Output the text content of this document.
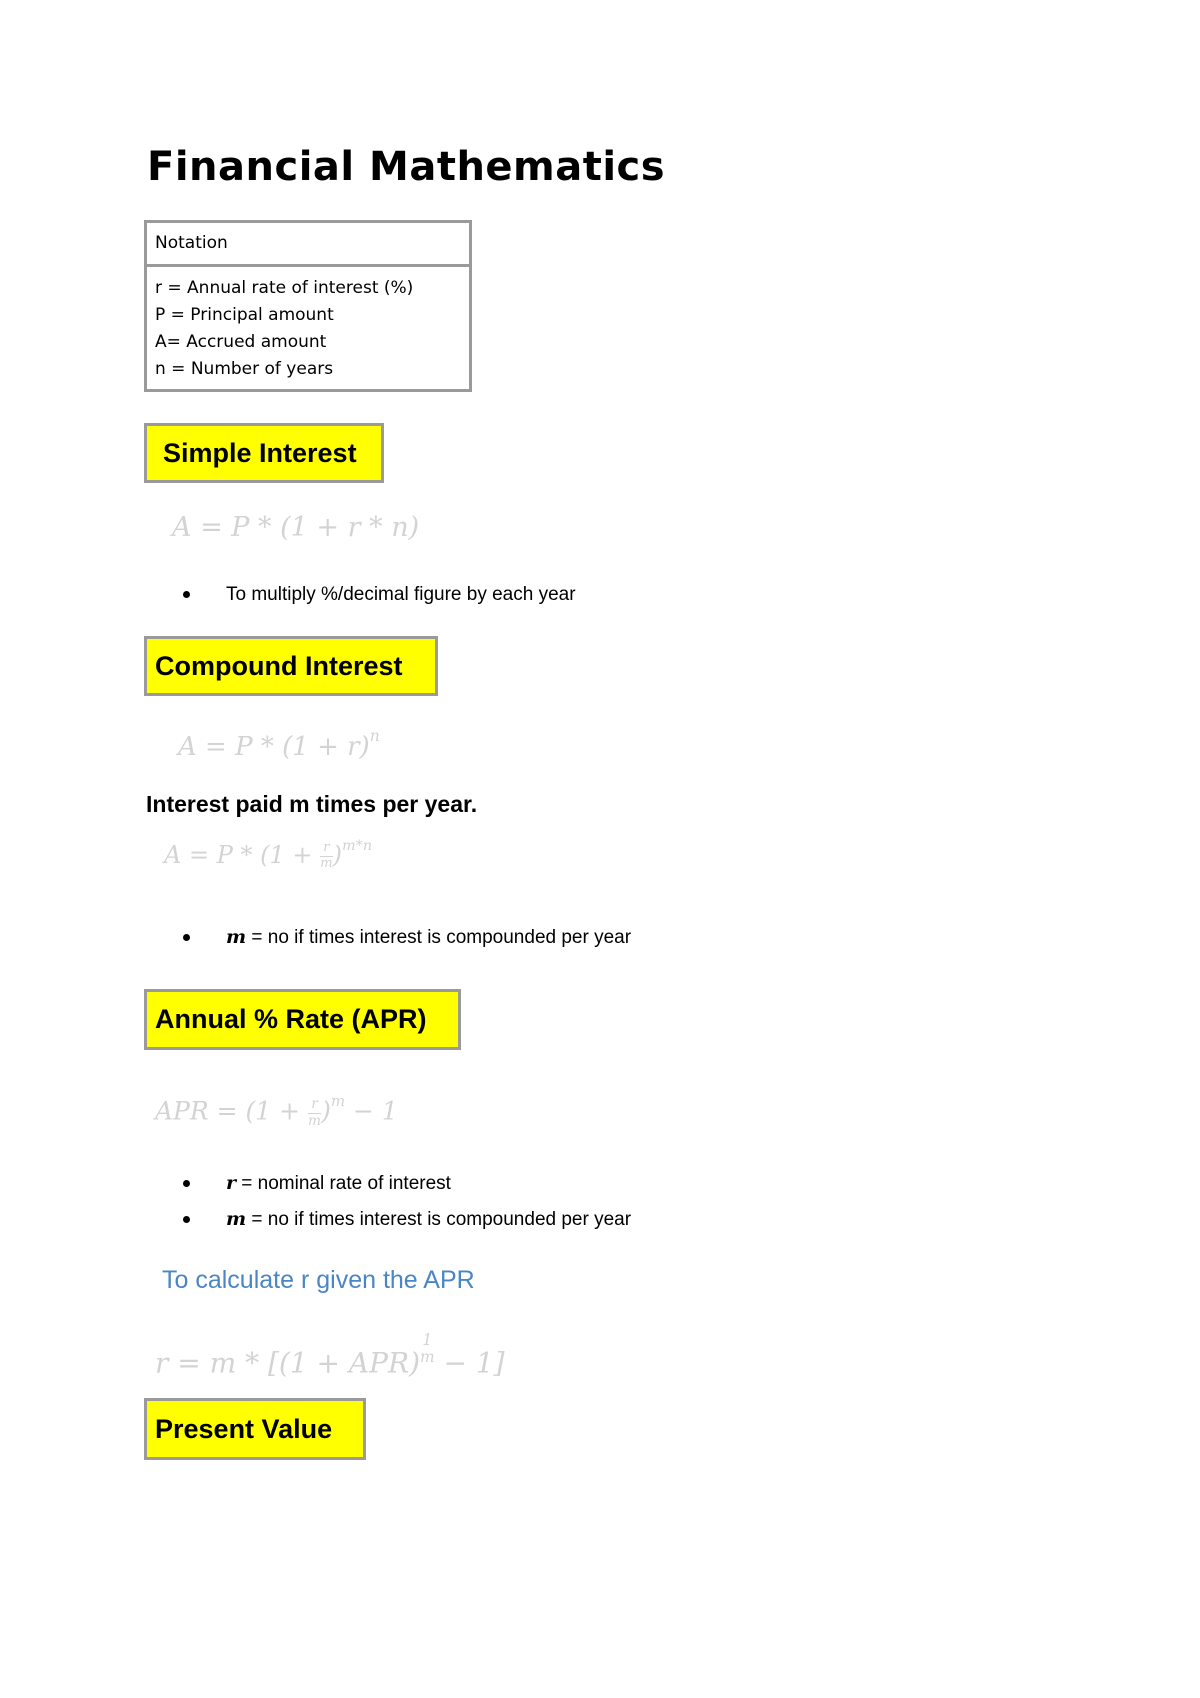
Financial Mathematics
Notation
r = Annual rate of interest (%)
P = Principal amount
A= Accrued amount
n = Number of years
Simple Interest
A = P * (1 + r * n)
To multiply %/decimal figure by each year
Compound Interest
$A = P * (1 + r)^n$
Interest paid m times per year.
$A = P * (1 + \frac{r}{m} )^{m*n}$
m = no if times interest is compounded per year
Annual % Rate (APR)
APR = $(1 + \frac{r}{m} )^m - 1$
r = nominal rate of interest
m = no if times interest is compounded per year
To calculate r given the APR
r = m * [(1 + APR)
1
m − 1]
Present Value
